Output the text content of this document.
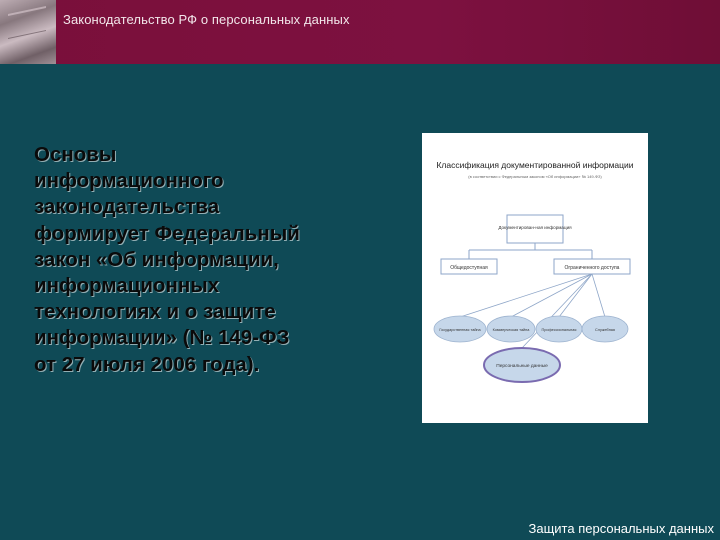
Законодательство РФ о персональных данных
Основы
информационного
законодательства
формирует Федеральный
закон «Об информации,
информационных
технологиях и о защите
информации» (№ 149-ФЗ
от 27 июля 2006 года).
Классификация документированной информации
(в соответствии с Федеральным законом «Об информации» № 149-ФЗ)
Документирован-ная информация
Общедоступная	Ограниченного доступа
Государственная тайна	Коммерческая тайна	Профессиональная	Служебная
Персональные данные
Защита персональных данных
